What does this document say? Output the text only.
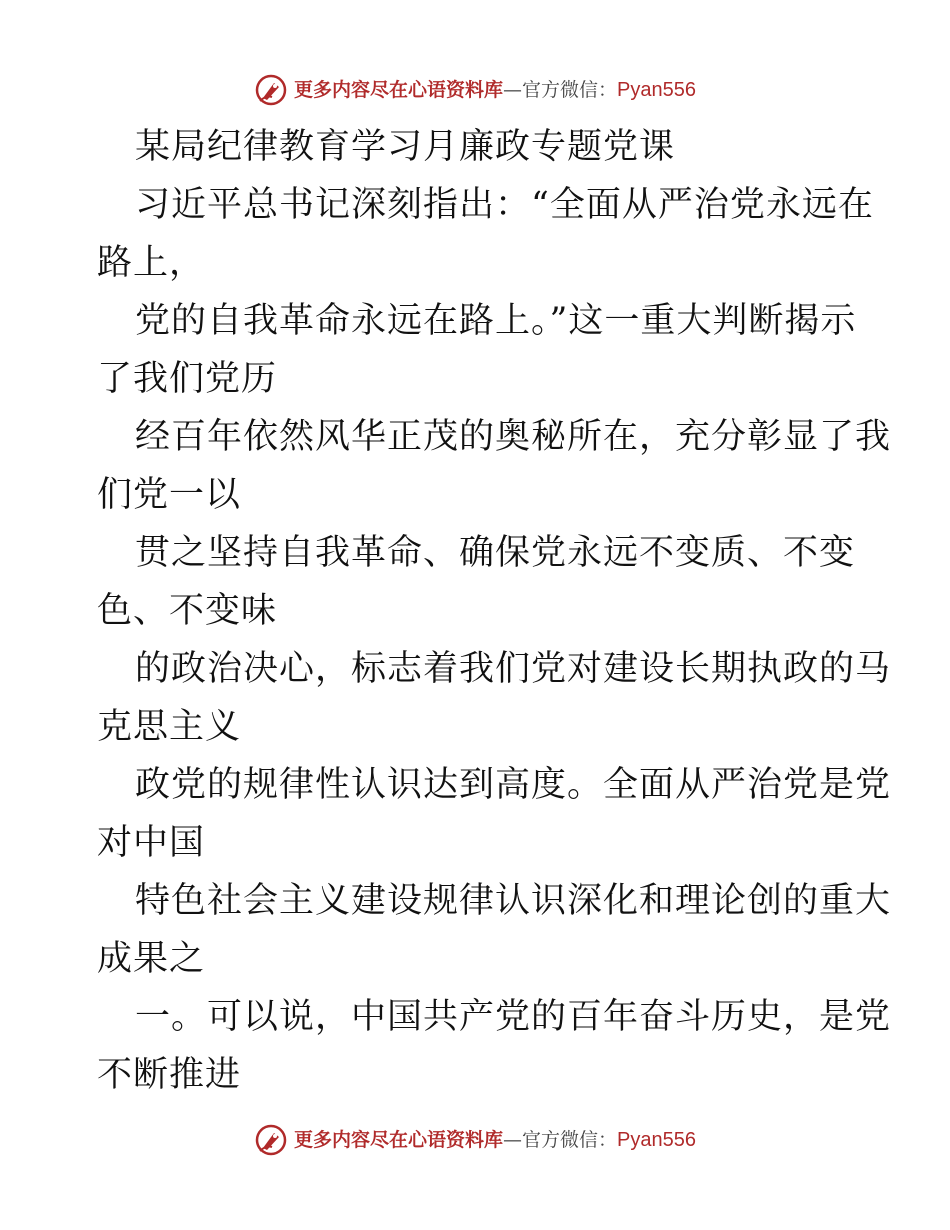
更多内容尽在心语资料库 — 官方微信： Pyan556
某局纪律教育学习月廉政专题党课
习近平总书记深刻指出：“全面从严治党永远在
路上，
党的自我革命永远在路上。”这一重大判断揭示
了我们党历
经百年依然风华正茂的奥秘所在，充分彰显了我
们党一以
贯之坚持自我革命、确保党永远不变质、不变
色、不变味
的政治决心，标志着我们党对建设长期执政的马
克思主义
政党的规律性认识达到高度。全面从严治党是党
对中国
特色社会主义建设规律认识深化和理论创的重大
成果之
一。可以说，中国共产党的百年奋斗历史，是党
不断推进
更多内容尽在心语资料库 — 官方微信： Pyan556
